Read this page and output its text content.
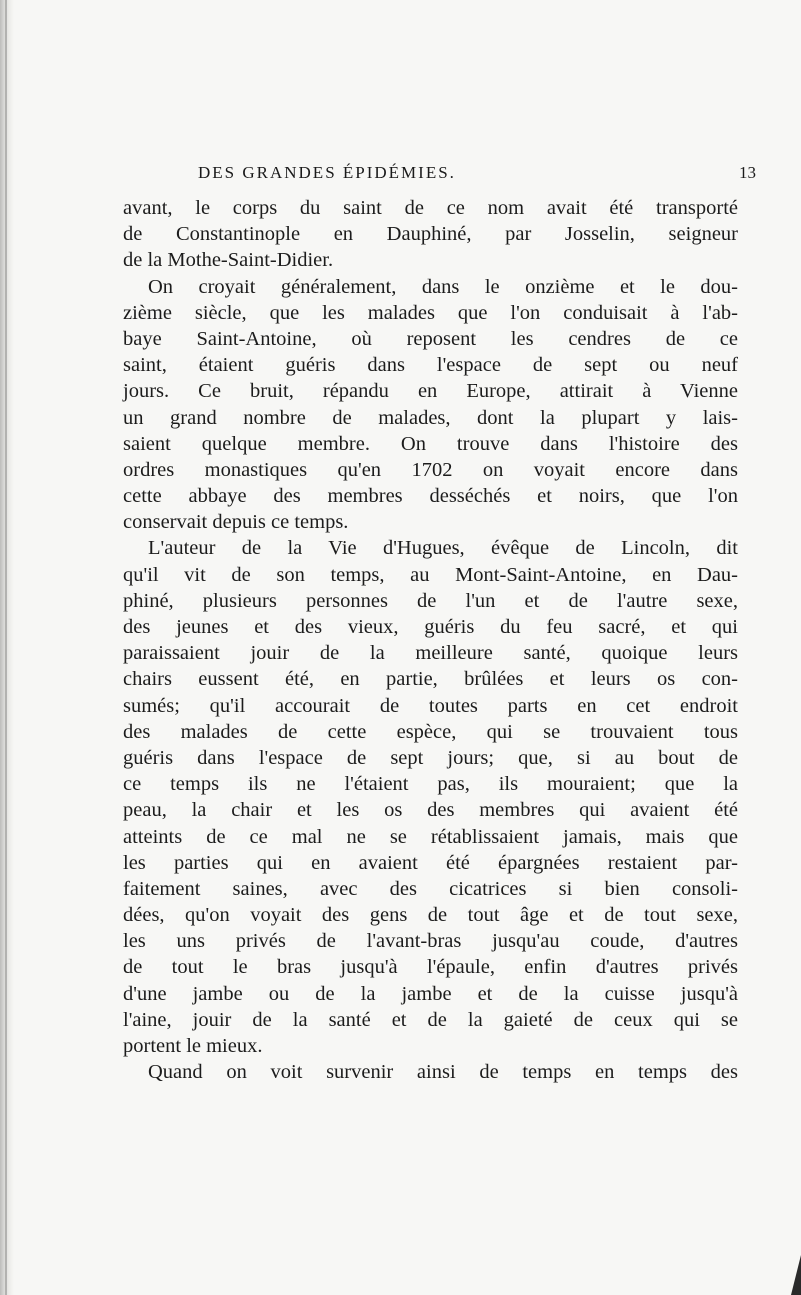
DES GRANDES ÉPIDÉMIES.	13
avant, le corps du saint de ce nom avait été transporté
de Constantinople en Dauphiné, par Josselin, seigneur
de la Mothe-Saint-Didier.
On croyait généralement, dans le onzième et le dou-
zième siècle, que les malades que l'on conduisait à l'ab-
baye Saint-Antoine, où reposent les cendres de ce
saint, étaient guéris dans l'espace de sept ou neuf
jours. Ce bruit, répandu en Europe, attirait à Vienne
un grand nombre de malades, dont la plupart y lais-
saient quelque membre. On trouve dans l'histoire des
ordres monastiques qu'en 1702 on voyait encore dans
cette abbaye des membres desséchés et noirs, que l'on
conservait depuis ce temps.
L'auteur de la Vie d'Hugues, évêque de Lincoln, dit
qu'il vit de son temps, au Mont-Saint-Antoine, en Dau-
phiné, plusieurs personnes de l'un et de l'autre sexe,
des jeunes et des vieux, guéris du feu sacré, et qui
paraissaient jouir de la meilleure santé, quoique leurs
chairs eussent été, en partie, brûlées et leurs os con-
sumés; qu'il accourait de toutes parts en cet endroit
des malades de cette espèce, qui se trouvaient tous
guéris dans l'espace de sept jours; que, si au bout de
ce temps ils ne l'étaient pas, ils mouraient; que la
peau, la chair et les os des membres qui avaient été
atteints de ce mal ne se rétablissaient jamais, mais que
les parties qui en avaient été épargnées restaient par-
faitement saines, avec des cicatrices si bien consoli-
dées, qu'on voyait des gens de tout âge et de tout sexe,
les uns privés de l'avant-bras jusqu'au coude, d'autres
de tout le bras jusqu'à l'épaule, enfin d'autres privés
d'une jambe ou de la jambe et de la cuisse jusqu'à
l'aine, jouir de la santé et de la gaieté de ceux qui se
portent le mieux.
Quand on voit survenir ainsi de temps en temps des
